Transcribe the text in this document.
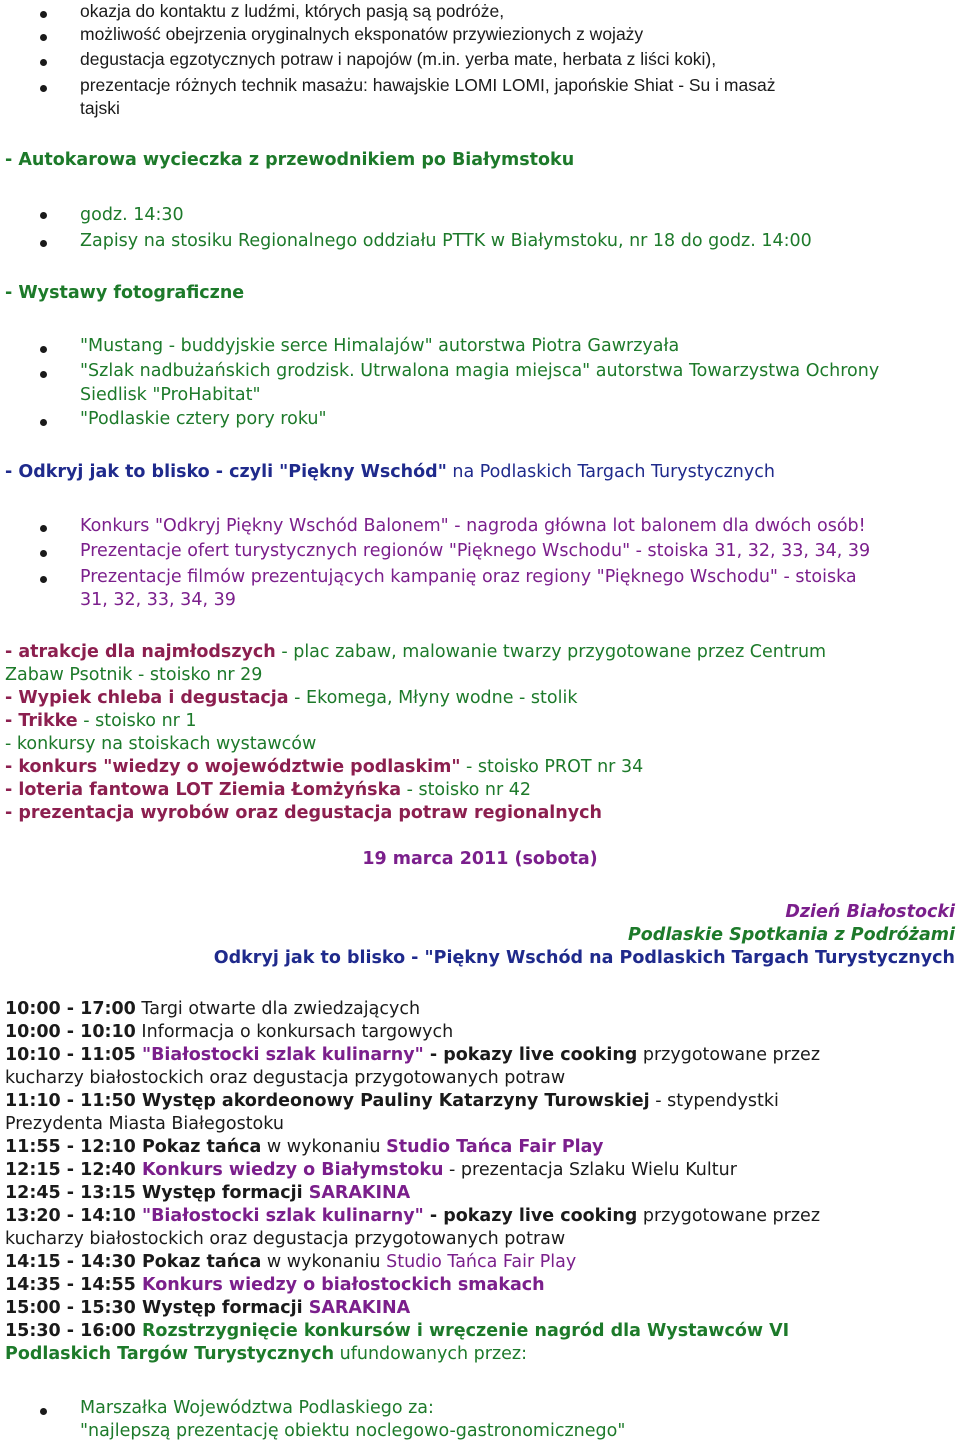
okazja do kontaktu z ludźmi, których pasją są podróże,
możliwość obejrzenia oryginalnych eksponatów przywiezionych z wojaży
degustacja egzotycznych potraw i napojów (m.in. yerba mate, herbata z liści koki),
prezentacje różnych technik masażu: hawajskie LOMI LOMI, japońskie Shiat - Su i masaż
tajski
- Autokarowa wycieczka z przewodnikiem po Białymstoku
godz. 14:30
Zapisy na stosiku Regionalnego oddziału PTTK w Białymstoku, nr 18 do godz. 14:00
- Wystawy fotograficzne
"Mustang - buddyjskie serce Himalajów" autorstwa Piotra Gawrzyała
"Szlak nadbużańskich grodzisk. Utrwalona magia miejsca" autorstwa Towarzystwa Ochrony
Siedlisk "ProHabitat"
"Podlaskie cztery pory roku"
- Odkryj jak to blisko - czyli "Piękny Wschód" na Podlaskich Targach Turystycznych
Konkurs "Odkryj Piękny Wschód Balonem" - nagroda główna lot balonem dla dwóch osób!
Prezentacje ofert turystycznych regionów "Pięknego Wschodu" - stoiska 31, 32, 33, 34, 39
Prezentacje filmów prezentujących kampanię oraz regiony "Pięknego Wschodu" - stoiska
31, 32, 33, 34, 39
- atrakcje dla najmłodszych - plac zabaw, malowanie twarzy przygotowane przez Centrum
Zabaw Psotnik - stoisko nr 29
- Wypiek chleba i degustacja - Ekomega, Młyny wodne - stolik
- Trikke - stoisko nr 1
- konkursy na stoiskach wystawców
- konkurs "wiedzy o województwie podlaskim" - stoisko PROT nr 34
- loteria fantowa LOT Ziemia Łomżyńska - stoisko nr 42
- prezentacja wyrobów oraz degustacja potraw regionalnych
19 marca 2011 (sobota)
Dzień Białostocki
Podlaskie Spotkania z Podróżami
Odkryj jak to blisko - "Piękny Wschód na Podlaskich Targach Turystycznych
10:00 - 17:00 Targi otwarte dla zwiedzających
10:00 - 10:10 Informacja o konkursach targowych
10:10 - 11:05 "Białostocki szlak kulinarny" - pokazy live cooking przygotowane przez
kucharzy białostockich oraz degustacja przygotowanych potraw
11:10 - 11:50 Występ akordeonowy Pauliny Katarzyny Turowskiej - stypendystki
Prezydenta Miasta Białegostoku
11:55 - 12:10 Pokaz tańca w wykonaniu Studio Tańca Fair Play
12:15 - 12:40 Konkurs wiedzy o Białymstoku - prezentacja Szlaku Wielu Kultur
12:45 - 13:15 Występ formacji SARAKINA
13:20 - 14:10 "Białostocki szlak kulinarny" - pokazy live cooking przygotowane przez
kucharzy białostockich oraz degustacja przygotowanych potraw
14:15 - 14:30 Pokaz tańca w wykonaniu Studio Tańca Fair Play
14:35 - 14:55 Konkurs wiedzy o białostockich smakach
15:00 - 15:30 Występ formacji SARAKINA
15:30 - 16:00 Rozstrzygnięcie konkursów i wręczenie nagród dla Wystawców VI
Podlaskich Targów Turystycznych ufundowanych przez:
Marszałka Województwa Podlaskiego za:
"najlepszą prezentację obiektu noclegowo-gastronomicznego"
